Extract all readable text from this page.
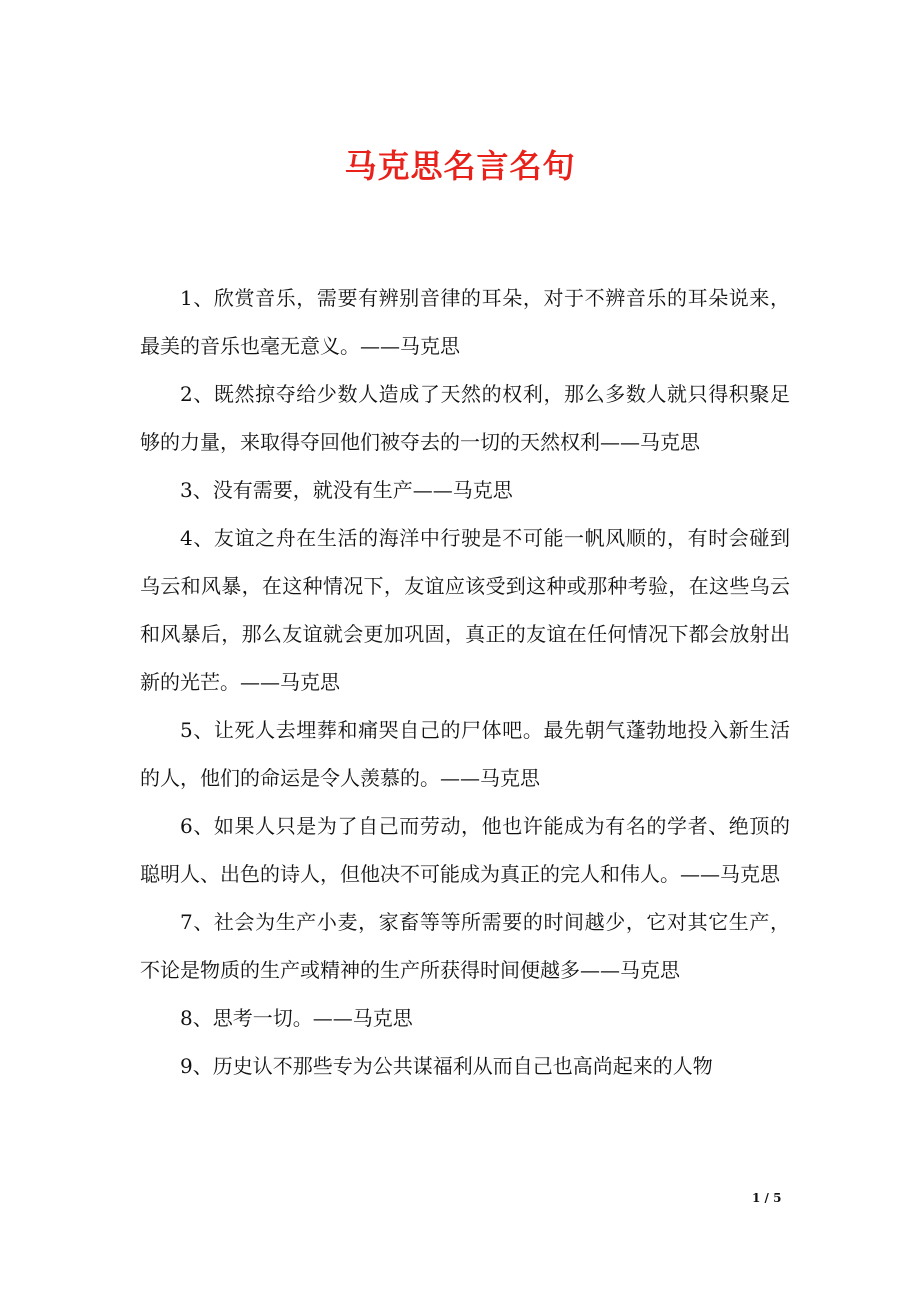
马克思名言名句

1、欣赏音乐，需要有辨别音律的耳朵，对于不辨音乐的耳朵说来，最美的音乐也毫无意义。——马克思

2、既然掠夺给少数人造成了天然的权利，那么多数人就只得积聚足够的力量，来取得夺回他们被夺去的一切的天然权利——马克思

3、没有需要，就没有生产——马克思

4、友谊之舟在生活的海洋中行驶是不可能一帆风顺的，有时会碰到乌云和风暴，在这种情况下，友谊应该受到这种或那种考验，在这些乌云和风暴后，那么友谊就会更加巩固，真正的友谊在任何情况下都会放射出新的光芒。——马克思

5、让死人去埋葬和痛哭自己的尸体吧。最先朝气蓬勃地投入新生活的人，他们的命运是令人羡慕的。——马克思

6、如果人只是为了自己而劳动，他也许能成为有名的学者、绝顶的聪明人、出色的诗人，但他决不可能成为真正的完人和伟人。——马克思

7、社会为生产小麦，家畜等等所需要的时间越少，它对其它生产，不论是物质的生产或精神的生产所获得时间便越多——马克思

8、思考一切。——马克思

9、历史认不那些专为公共谋福利从而自己也高尚起来的人物

1 / 5
